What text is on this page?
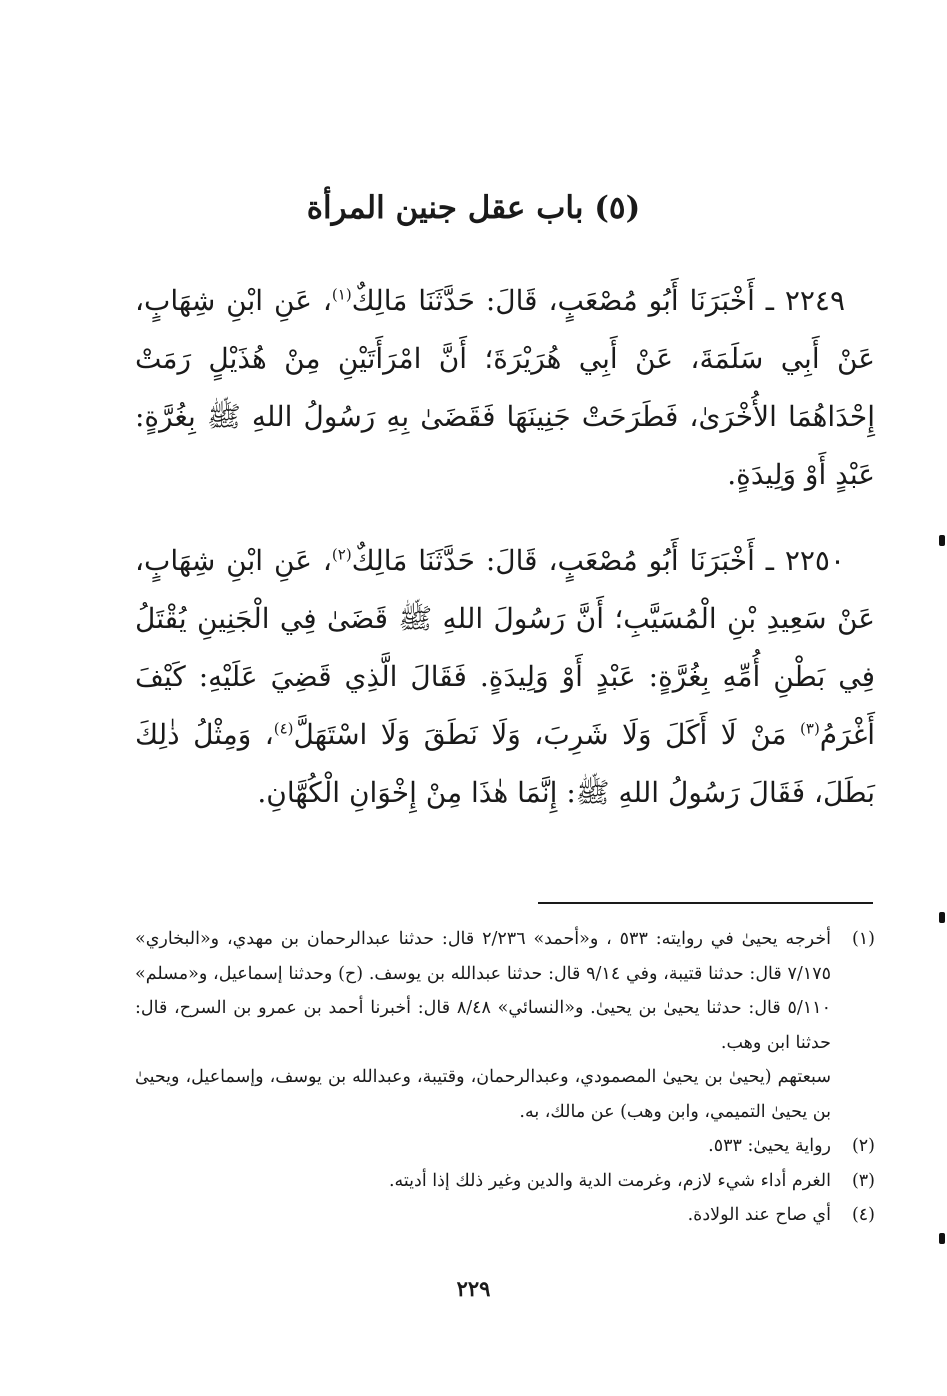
(٥) باب عقل جنين المرأة

٢٢٤٩ ـ أَخْبَرَنَا أَبُو مُصْعَبٍ، قَالَ: حَدَّثَنَا مَالِكٌ$^{(١)}$، عَنِ ابْنِ شِهَابٍ، عَنْ أَبِي سَلَمَةَ، عَنْ أَبِي هُرَيْرَةَ؛ أَنَّ امْرَأَتَيْنِ مِنْ هُذَيْلٍ رَمَتْ إِحْدَاهُمَا الأُخْرَىٰ، فَطَرَحَتْ جَنِينَهَا فَقَضَىٰ بِهِ رَسُولُ اللهِ ﷺ بِغُرَّةٍ: عَبْدٍ أَوْ وَلِيدَةٍ.

٢٢٥٠ ـ أَخْبَرَنَا أَبُو مُصْعَبٍ، قَالَ: حَدَّثَنَا مَالِكٌ$^{(٢)}$، عَنِ ابْنِ شِهَابٍ، عَنْ سَعِيدِ بْنِ الْمُسَيَّبِ؛ أَنَّ رَسُولَ اللهِ ﷺ قَضَىٰ فِي الْجَنِينِ يُقْتَلُ فِي بَطْنِ أُمِّهِ بِغُرَّةٍ: عَبْدٍ أَوْ وَلِيدَةٍ. فَقَالَ الَّذِي قَضِيَ عَلَيْهِ: كَيْفَ أَغْرَمُ$^{(٣)}$ مَنْ لَا أَكَلَ وَلَا شَرِبَ، وَلَا نَطَقَ وَلَا اسْتَهَلَّ$^{(٤)}$، وَمِثْلُ ذٰلِكَ بَطَلَ، فَقَالَ رَسُولُ اللهِ ﷺ: إِنَّمَا هٰذَا مِنْ إِخْوَانِ الْكُهَّانِ.

(١)

أخرجه يحيىٰ في روايته: ٥٣٣ ، و«أحمد» ٢/٢٣٦ قال: حدثنا عبدالرحمان بن مهدي، و«البخاري» ٧/١٧٥ قال: حدثنا قتيبة، وفي ٩/١٤ قال: حدثنا عبدالله بن يوسف. (ح) وحدثنا إسماعيل، و«مسلم» ٥/١١٠ قال: حدثنا يحيىٰ بن يحيىٰ. و«النسائي» ٨/٤٨ قال: أخبرنا أحمد بن عمرو بن السرح، قال: حدثنا ابن وهب.

سبعتهم (يحيىٰ بن يحيىٰ المصمودي، وعبدالرحمان، وقتيبة، وعبدالله بن يوسف، وإسماعيل، ويحيىٰ بن يحيىٰ التميمي، وابن وهب) عن مالك، به.

(٢)
رواية يحيىٰ: ٥٣٣.
(٣)
الغرم أداء شيء لازم، وغرمت الدية والدين وغير ذلك إذا أديته.
(٤)
أي صاح عند الولادة.
٢٢٩
